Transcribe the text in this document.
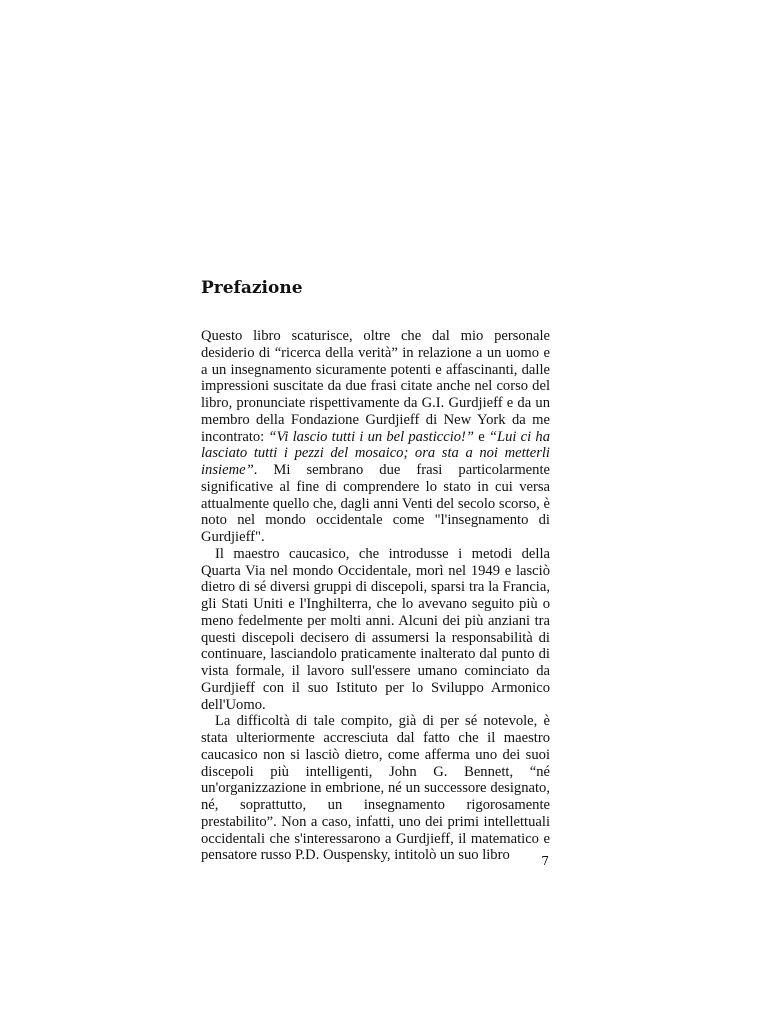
Prefazione

Questo libro scaturisce, oltre che dal mio personale desiderio di “ricerca della verità” in relazione a un uomo e a un insegnamento sicuramente potenti e affascinanti, dalle impressioni suscitate da due frasi citate anche nel corso del libro, pronunciate rispettivamente da G.I. Gurdjieff e da un membro della Fondazione Gurdjieff di New York da me incontrato: “Vi lascio tutti i un bel pasticcio!” e “Lui ci ha lasciato tutti i pezzi del mosaico; ora sta a noi metterli insieme”. Mi sembrano due frasi particolarmente significative al fine di comprendere lo stato in cui versa attualmente quello che, dagli anni Venti del secolo scorso, è noto nel mondo occidentale come "l'insegnamento di Gurdjieff".

Il maestro caucasico, che introdusse i metodi della Quarta Via nel mondo Occidentale, morì nel 1949 e lasciò dietro di sé diversi gruppi di discepoli, sparsi tra la Francia, gli Stati Uniti e l'Inghilterra, che lo avevano seguito più o meno fedelmente per molti anni. Alcuni dei più anziani tra questi discepoli decisero di assumersi la responsabilità di continuare, lasciandolo praticamente inalterato dal punto di vista formale, il lavoro sull'essere umano cominciato da Gurdjieff con il suo Istituto per lo Sviluppo Armonico dell'Uomo.

La difficoltà di tale compito, già di per sé notevole, è stata ulteriormente accresciuta dal fatto che il maestro caucasico non si lasciò dietro, come afferma uno dei suoi discepoli più intelligenti, John G. Bennett, “né un'organizzazione in embrione, né un successore designato, né, soprattutto, un insegnamento rigorosamente prestabilito”. Non a caso, infatti, uno dei primi intellettuali occidentali che s'interessarono a Gurdjieff, il matematico e pensatore russo P.D. Ouspensky, intitolò un suo libro	7
